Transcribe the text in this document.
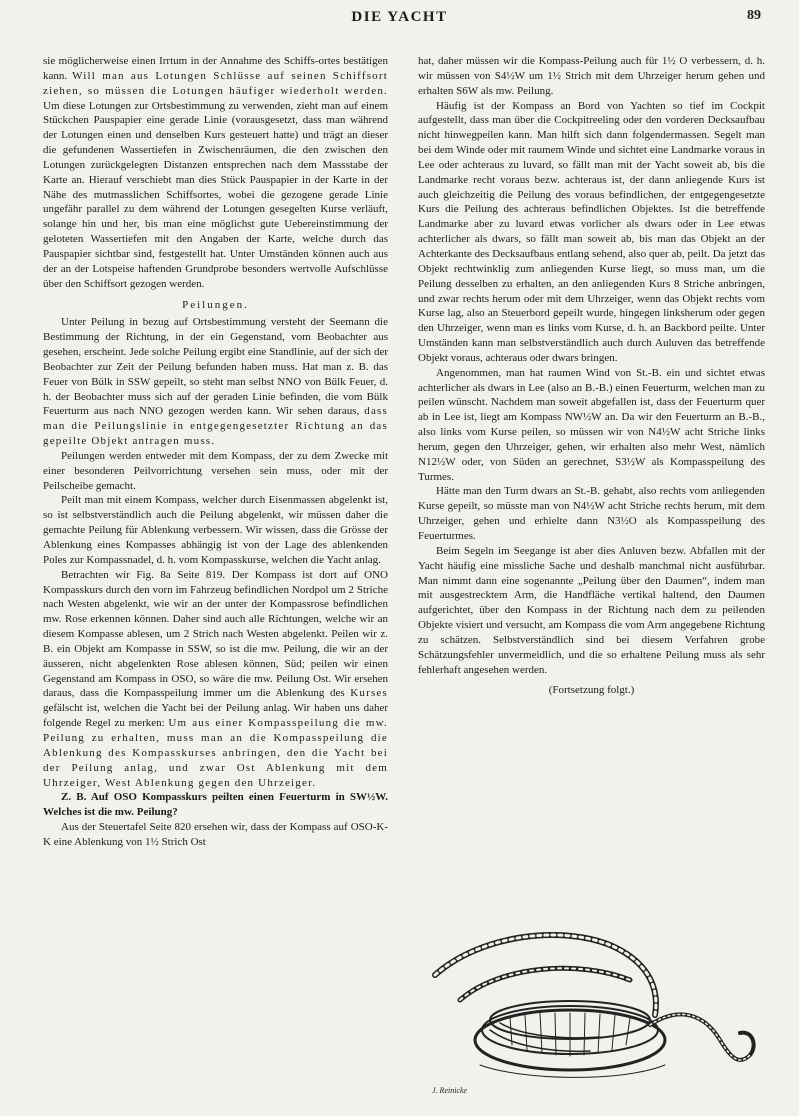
DIE YACHT	89

sie möglicherweise einen Irrtum in der Annahme des Schiffs-ortes bestätigen kann. Will man aus Lotungen Schlüsse auf seinen Schiffsort ziehen, so müssen die Lotungen häufiger wiederholt werden. Um diese Lotungen zur Ortsbestimmung zu verwenden, zieht man auf einem Stückchen Pauspapier eine gerade Linie (vorausgesetzt, dass man während der Lotungen einen und denselben Kurs gesteuert hatte) und trägt an dieser die gefundenen Wassertiefen in Zwischenräumen, die den zwischen den Lotungen zurückgelegten Distanzen entsprechen nach dem Massstabe der Karte an. Hierauf verschiebt man dies Stück Pauspapier in der Karte in der Nähe des mutmasslichen Schiffsortes, wobei die gezogene gerade Linie ungefähr parallel zu dem während der Lotungen gesegelten Kurse verläuft, solange hin und her, bis man eine möglichst gute Uebereinstimmung der geloteten Wassertiefen mit den Angaben der Karte, welche durch das Pauspapier sichtbar sind, festgestellt hat. Unter Umständen können auch aus der an der Lotspeise haftenden Grundprobe besonders wertvolle Aufschlüsse über den Schiffsort gezogen werden.

Peilungen.

Unter Peilung in bezug auf Ortsbestimmung versteht der Seemann die Bestimmung der Richtung, in der ein Gegenstand, vom Beobachter aus gesehen, erscheint. Jede solche Peilung ergibt eine Standlinie, auf der sich der Beobachter zur Zeit der Peilung befunden haben muss. Hat man z. B. das Feuer von Bülk in SSW gepeilt, so steht man selbst NNO von Bülk Feuer, d. h. der Beobachter muss sich auf der geraden Linie befinden, die vom Bülk Feuerturm aus nach NNO gezogen werden kann. Wir sehen daraus, dass man die Peilungslinie in entgegengesetzter Richtung an das gepeilte Objekt antragen muss.

Peilungen werden entweder mit dem Kompass, der zu dem Zwecke mit einer besonderen Peilvorrichtung versehen sein muss, oder mit der Peilscheibe gemacht.

Peilt man mit einem Kompass, welcher durch Eisenmassen abgelenkt ist, so ist selbstverständlich auch die Peilung abgelenkt, wir müssen daher die gemachte Peilung für Ablenkung verbessern. Wir wissen, dass die Grösse der Ablenkung eines Kompasses abhängig ist von der Lage des ablenkenden Poles zur Kompassnadel, d. h. vom Kompasskurse, welchen die Yacht anlag.

Betrachten wir Fig. 8a Seite 819. Der Kompass ist dort auf ONO Kompasskurs durch den vorn im Fahrzeug befindlichen Nordpol um 2 Striche nach Westen abgelenkt, wie wir an der unter der Kompassrose befindlichen mw. Rose erkennen können. Daher sind auch alle Richtungen, welche wir an diesem Kompasse ablesen, um 2 Strich nach Westen abgelenkt. Peilen wir z. B. ein Objekt am Kompasse in SSW, so ist die mw. Peilung, die wir an der äusseren, nicht abgelenkten Rose ablesen können, Süd; peilen wir einen Gegenstand am Kompass in OSO, so wäre die mw. Peilung Ost. Wir ersehen daraus, dass die Kompasspeilung immer um die Ablenkung des Kurses gefälscht ist, welchen die Yacht bei der Peilung anlag. Wir haben uns daher folgende Regel zu merken: Um aus einer Kompasspeilung die mw. Peilung zu erhalten, muss man an die Kompasspeilung die Ablenkung des Kompasskurses anbringen, den die Yacht bei der Peilung anlag, und zwar Ost Ablenkung mit dem Uhrzeiger, West Ablenkung gegen den Uhrzeiger.

Z. B. Auf OSO Kompasskurs peilten einen Feuerturm in SW½W. Welches ist die mw. Peilung?

Aus der Steuertafel Seite 820 ersehen wir, dass der Kompass auf OSO-K-K eine Ablenkung von 1½ Strich Ost

hat, daher müssen wir die Kompass-Peilung auch für 1½ O verbessern, d. h. wir müssen von S4½W um 1½ Strich mit dem Uhrzeiger herum gehen und erhalten S6W als mw. Peilung.

Häufig ist der Kompass an Bord von Yachten so tief im Cockpit aufgestellt, dass man über die Cockpitreeling oder den vorderen Decksaufbau nicht hinwegpeilen kann. Man hilft sich dann folgendermassen. Segelt man bei dem Winde oder mit raumem Winde und sichtet eine Landmarke voraus in Lee oder achteraus zu luvard, so fällt man mit der Yacht soweit ab, bis die Landmarke recht voraus bezw. achteraus ist, der dann anliegende Kurs ist auch gleichzeitig die Peilung des voraus befindlichen, der entgegengesetzte Kurs die Peilung des achteraus befindlichen Objektes. Ist die betreffende Landmarke aber zu luvard etwas vorlicher als dwars oder in Lee etwas achterlicher als dwars, so fällt man soweit ab, bis man das Objekt an der Achterkante des Decksaufbaus entlang sehend, also quer ab, peilt. Da jetzt das Objekt rechtwinklig zum anliegenden Kurse liegt, so muss man, um die Peilung desselben zu erhalten, an den anliegenden Kurs 8 Striche anbringen, und zwar rechts herum oder mit dem Uhrzeiger, wenn das Objekt rechts vom Kurse lag, also an Steuerbord gepeilt wurde, hingegen linksherum oder gegen den Uhrzeiger, wenn man es links vom Kurse, d. h. an Backbord peilte. Unter Umständen kann man selbstverständlich auch durch Auluven das betreffende Objekt voraus, achteraus oder dwars bringen.

Angenommen, man hat raumen Wind von St.-B. ein und sichtet etwas achterlicher als dwars in Lee (also an B.-B.) einen Feuerturm, welchen man zu peilen wünscht. Nachdem man soweit abgefallen ist, dass der Feuerturm quer ab in Lee ist, liegt am Kompass NW½W an. Da wir den Feuerturm an B.-B., also links vom Kurse peilen, so müssen wir von N4½W acht Striche links herum, gegen den Uhrzeiger, gehen, wir erhalten also mehr West, nämlich N12½W oder, von Süden an gerechnet, S3½W als Kompasspeilung des Turmes.

Hätte man den Turm dwars an St.-B. gehabt, also rechts vom anliegenden Kurse gepeilt, so müsste man von N4½W acht Striche rechts herum, mit dem Uhrzeiger, gehen und erhielte dann N3½O als Kompasspeilung des Feuerturmes.

Beim Segeln im Seegange ist aber dies Anluven bezw. Abfallen mit der Yacht häufig eine missliche Sache und deshalb manchmal nicht ausführbar. Man nimmt dann eine sogenannte „Peilung über den Daumen“, indem man mit ausgestrecktem Arm, die Handfläche vertikal haltend, den Daumen aufgerichtet, über den Kompass in der Richtung nach dem zu peilenden Objekte visiert und versucht, am Kompass die vom Arm angegebene Richtung zu schätzen. Selbstverständlich sind bei diesem Verfahren grobe Schätzungsfehler unvermeidlich, und die so erhaltene Peilung muss als sehr fehlerhaft angesehen werden.

(Fortsetzung folgt.)

J. Reinicke
